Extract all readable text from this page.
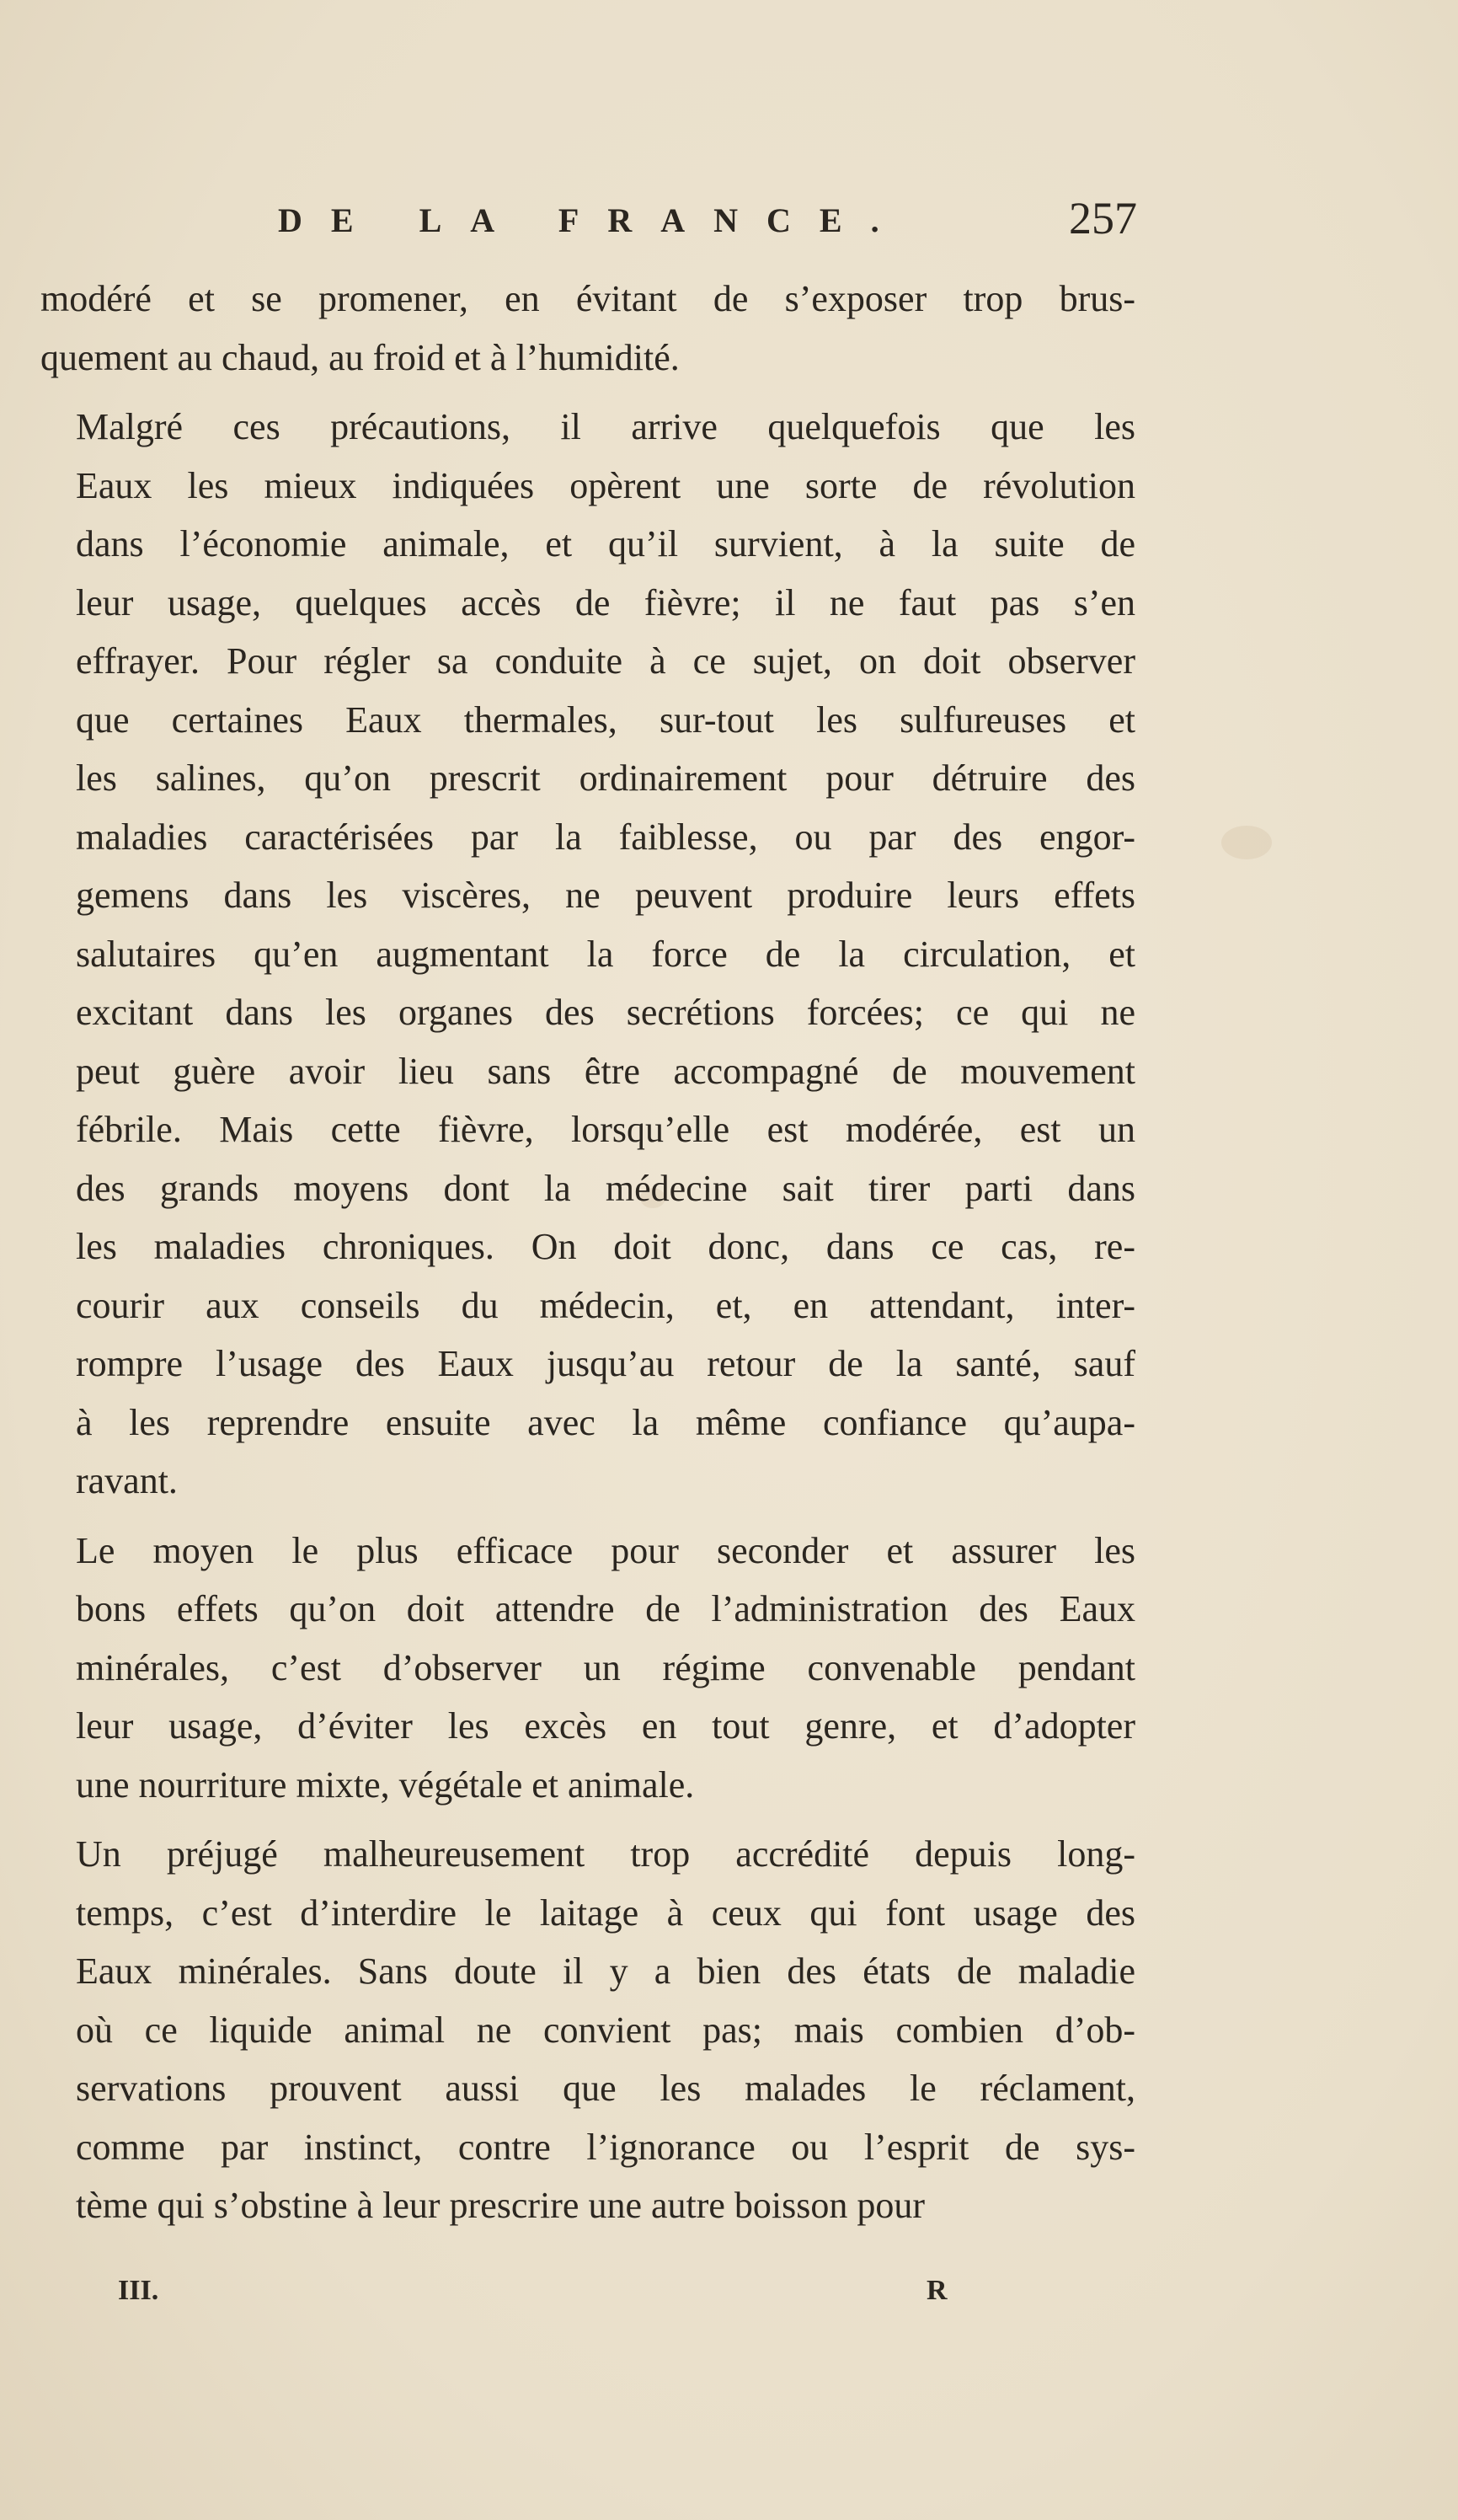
DE LA FRANCE.	257

modéré et se promener, en évitant de s’exposer trop brus-
quement au chaud, au froid et à l’humidité.

Malgré ces précautions, il arrive quelquefois que les
Eaux les mieux indiquées opèrent une sorte de révolution
dans l’économie animale, et qu’il survient, à la suite de
leur usage, quelques accès de fièvre; il ne faut pas s’en
effrayer. Pour régler sa conduite à ce sujet, on doit observer
que certaines Eaux thermales, sur-tout les sulfureuses et
les salines, qu’on prescrit ordinairement pour détruire des
maladies caractérisées par la faiblesse, ou par des engor-
gemens dans les viscères, ne peuvent produire leurs effets
salutaires qu’en augmentant la force de la circulation, et
excitant dans les organes des secrétions forcées; ce qui ne
peut guère avoir lieu sans être accompagné de mouvement
fébrile. Mais cette fièvre, lorsqu’elle est modérée, est un
des grands moyens dont la médecine sait tirer parti dans
les maladies chroniques. On doit donc, dans ce cas, re-
courir aux conseils du médecin, et, en attendant, inter-
rompre l’usage des Eaux jusqu’au retour de la santé, sauf
à les reprendre ensuite avec la même confiance qu’aupa-
ravant.

Le moyen le plus efficace pour seconder et assurer les
bons effets qu’on doit attendre de l’administration des Eaux
minérales, c’est d’observer un régime convenable pendant
leur usage, d’éviter les excès en tout genre, et d’adopter
une nourriture mixte, végétale et animale.

Un préjugé malheureusement trop accrédité depuis long-
temps, c’est d’interdire le laitage à ceux qui font usage des
Eaux minérales. Sans doute il y a bien des états de maladie
où ce liquide animal ne convient pas; mais combien d’ob-
servations prouvent aussi que les malades le réclament,
comme par instinct, contre l’ignorance ou l’esprit de sys-
tème qui s’obstine à leur prescrire une autre boisson pour

III.	R
